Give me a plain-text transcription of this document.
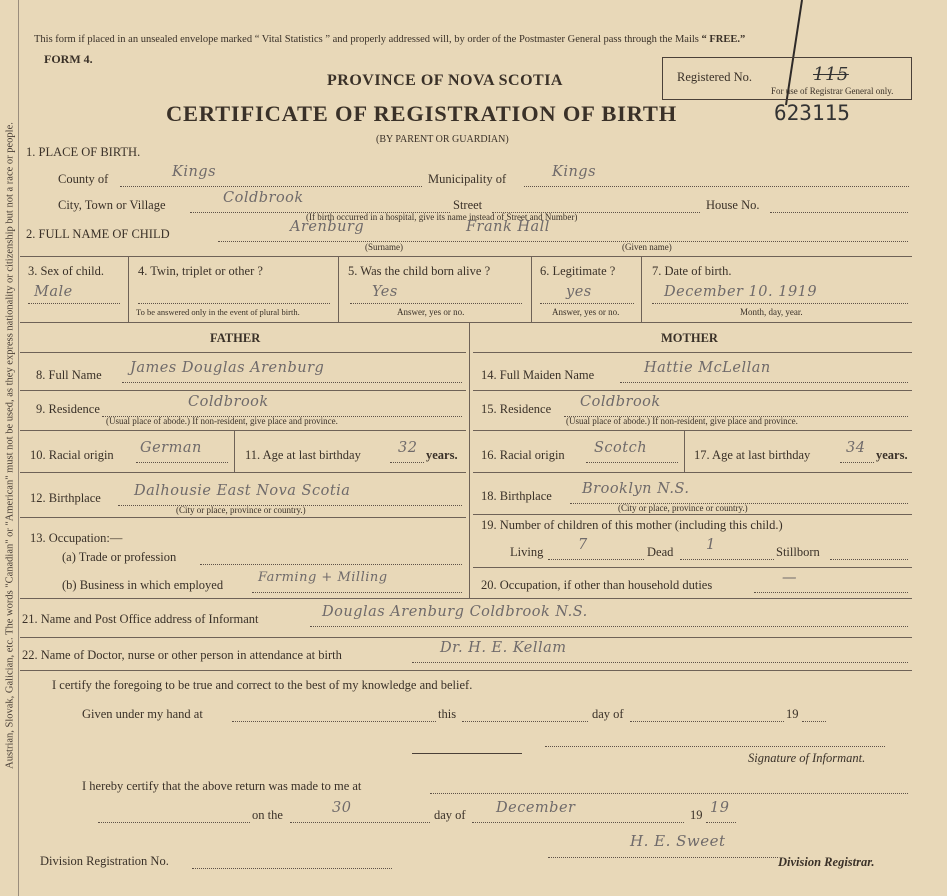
Austrian, Slovak, Galician, etc. The words "Canadian" or "American" must not be used, as they express nationality or citizenship but not a race or people.
This form if placed in an unsealed envelope marked “ Vital Statistics ” and properly addressed will, by order of the Postmaster General pass through the Mails “ FREE.”
FORM 4.
Registered No.	115
For use of Registrar General only.
623115
PROVINCE OF NOVA SCOTIA
CERTIFICATE OF REGISTRATION OF BIRTH
(BY PARENT OR GUARDIAN)
1. PLACE OF BIRTH.
County of	Kings	Municipality of	Kings
City, Town or Village	Coldbrook	Street	House No.
(If birth occurred in a hospital, give its name instead of Street and Number)
2. FULL NAME OF CHILD	Arenburg	Frank Hall
(Surname)	(Given name)
3. Sex of child.
Male
4. Twin, triplet or other ?
To be answered only in the event of plural birth.
5. Was the child born alive ?
Yes
Answer, yes or no.
6. Legitimate ?
yes
Answer, yes or no.
7. Date of birth.
December 10. 1919
Month, day, year.
FATHER	MOTHER
8. Full Name James Douglas Arenburg
9. Residence	Coldbrook
(Usual place of abode.) If non-resident, give place and province.
10. Racial origin German	11. Age at last birthday	32 years.
12. Birthplace Dalhousie East Nova Scotia
(City or place, province or country.)
13. Occupation:—
(a) Trade or profession
(b) Business in which employed	Farming + Milling
14. Full Maiden Name	Hattie McLellan
15. Residence Coldbrook
(Usual place of abode.) If non-resident, give place and province.
16. Racial origin Scotch	17. Age at last birthday 34 years.
18. Birthplace Brooklyn N.S.
(City or place, province or country.)
19. Number of children of this mother (including this child.)
Living 7	Dead 1	Stillborn
20. Occupation, if other than household duties	—
21. Name and Post Office address of Informant	Douglas Arenburg Coldbrook N.S.
22. Name of Doctor, nurse or other person in attendance at birth	Dr. H. E. Kellam
I certify the foregoing to be true and correct to the best of my knowledge and belief.
Given under my hand at	this	day of	19
Signature of Informant.
I hereby certify that the above return was made to me at
on the	30	day of December	19 19
H. E. Sweet
Division Registration No.	Division Registrar.
